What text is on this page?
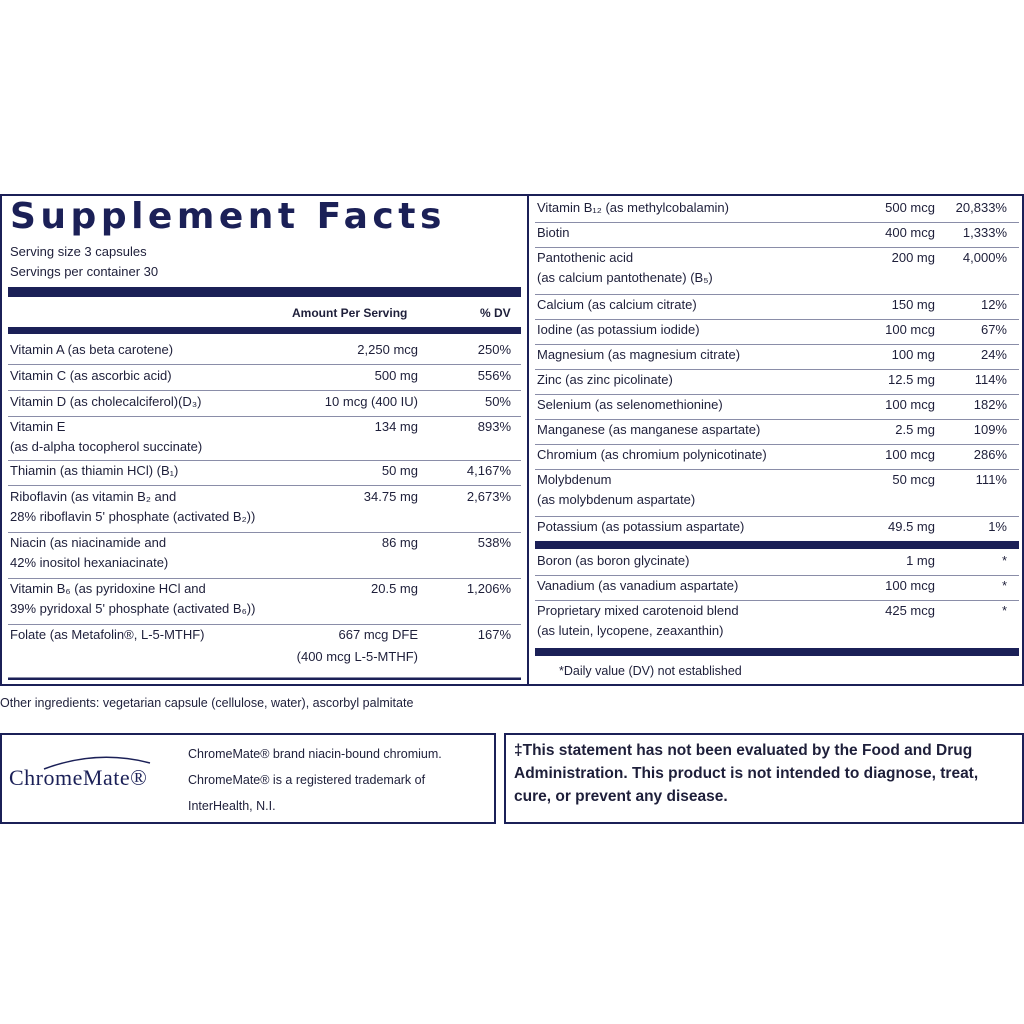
Supplement Facts
Serving size 3 capsules
Servings per container 30
Amount Per Serving	% DV
Vitamin A (as beta carotene)	2,250 mcg	250%
Vitamin C (as ascorbic acid)	500 mg	556%
Vitamin D (as cholecalciferol)(D₃)	10 mcg (400 IU)	50%
Vitamin E
(as d-alpha tocopherol succinate)
134 mg	893%
Thiamin (as thiamin HCl) (B₁)	50 mg	4,167%
Riboflavin (as vitamin B₂ and
28% riboflavin 5' phosphate (activated B₂))
34.75 mg	2,673%
Niacin (as niacinamide and
42% inositol hexaniacinate)
86 mg	538%
Vitamin B₆ (as pyridoxine HCl and
39% pyridoxal 5' phosphate (activated B₆))
20.5 mg	1,206%
Folate (as Metafolin®, L-5-MTHF)	667 mcg DFE
(400 mcg L-5-MTHF)
167%
Vitamin B₁₂ (as methylcobalamin)	500 mcg 20,833%
Biotin	400 mcg 1,333%
Pantothenic acid
(as calcium pantothenate) (B₅)
200 mg 4,000%
Calcium (as calcium citrate)	150 mg	12%
Iodine (as potassium iodide)	100 mcg	67%
Magnesium (as magnesium citrate)	100 mg	24%
Zinc (as zinc picolinate)	12.5 mg	114%
Selenium (as selenomethionine)	100 mcg	182%
Manganese (as manganese aspartate)	2.5 mg	109%
Chromium (as chromium polynicotinate)	100 mcg	286%
Molybdenum
(as molybdenum aspartate)
50 mcg	111%
Potassium (as potassium aspartate)	49.5 mg	1%
Boron (as boron glycinate)	1 mg	*
Vanadium (as vanadium aspartate)	100 mcg	*
Proprietary mixed carotenoid blend
(as lutein, lycopene, zeaxanthin)
425 mcg	*
*Daily value (DV) not established
Other ingredients: vegetarian capsule (cellulose, water), ascorbyl palmitate
ChromeMate®
ChromeMate® brand niacin-bound chromium.
ChromeMate® is a registered trademark of
InterHealth, N.I.
‡This statement has not been evaluated by the Food and Drug
Administration. This product is not intended to diagnose, treat,
cure, or prevent any disease.
